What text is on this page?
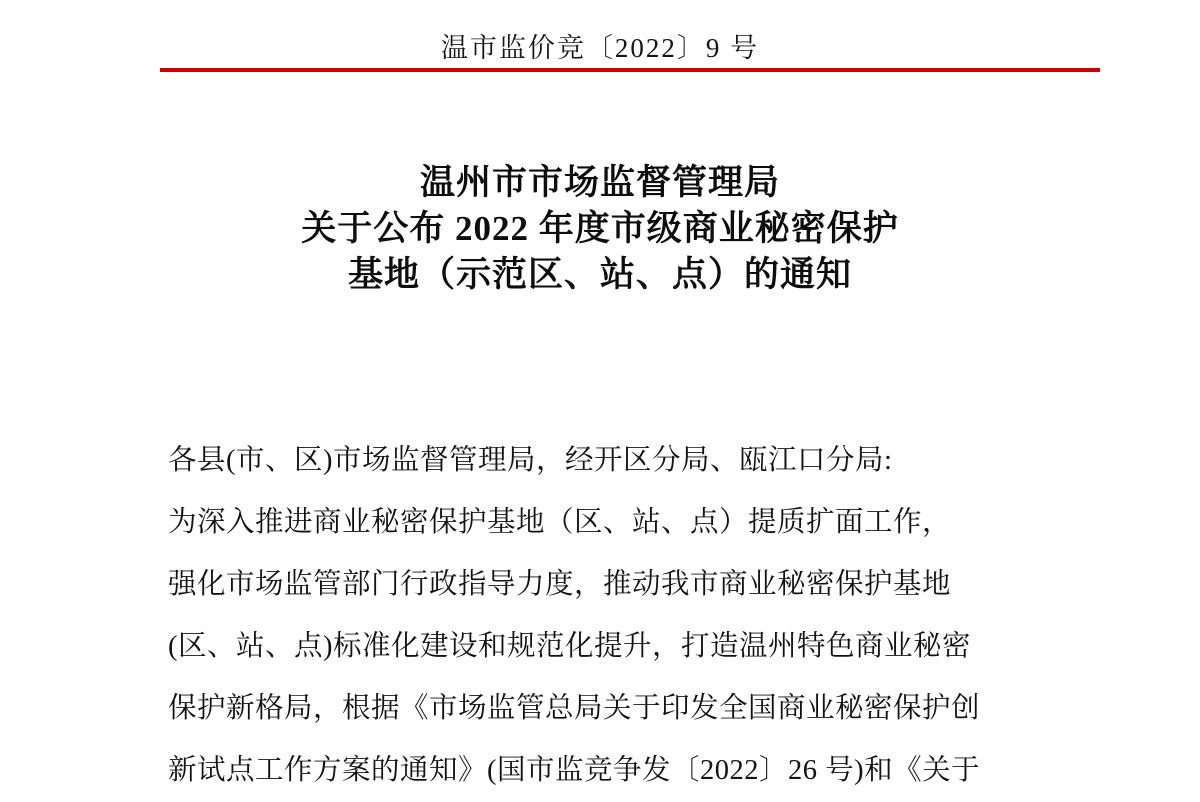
温市监价竞〔2022〕9 号
温州市市场监督管理局
关于公布 2022 年度市级商业秘密保护
基地（示范区、站、点）的通知

各县(市、区)市场监督管理局，经开区分局、瓯江口分局:

为深入推进商业秘密保护基地（区、站、点）提质扩面工作，

强化市场监管部门行政指导力度，推动我市商业秘密保护基地

(区、站、点)标准化建设和规范化提升，打造温州特色商业秘密

保护新格局，根据《市场监管总局关于印发全国商业秘密保护创

新试点工作方案的通知》(国市监竞争发〔2022〕26 号)和《关于
